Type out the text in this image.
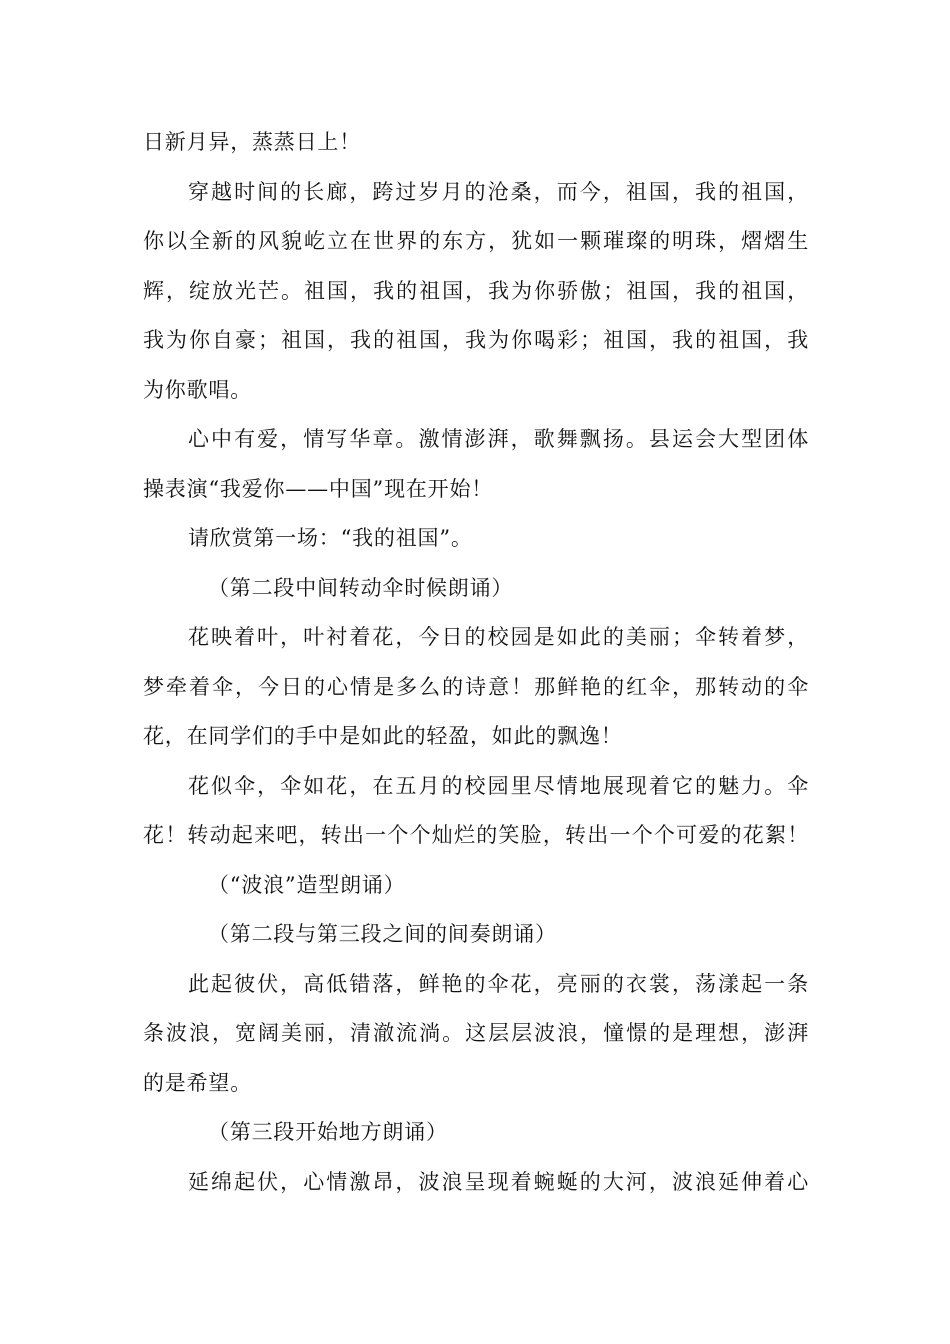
日新月异，蒸蒸日上！
穿越时间的长廊，跨过岁月的沧桑，而今，祖国，我的祖国，
你以全新的风貌屹立在世界的东方，犹如一颗璀璨的明珠，熠熠生
辉，绽放光芒。祖国，我的祖国，我为你骄傲；祖国，我的祖国，
我为你自豪；祖国，我的祖国，我为你喝彩；祖国，我的祖国，我
为你歌唱。
心中有爱，情写华章。激情澎湃，歌舞飘扬。县运会大型团体
操表演“我爱你——中国”现在开始！
请欣赏第一场：“我的祖国”。
（第二段中间转动伞时候朗诵）
花映着叶，叶衬着花，今日的校园是如此的美丽；伞转着梦，
梦牵着伞，今日的心情是多么的诗意！那鲜艳的红伞，那转动的伞
花，在同学们的手中是如此的轻盈，如此的飘逸！
花似伞，伞如花，在五月的校园里尽情地展现着它的魅力。伞
花！转动起来吧，转出一个个灿烂的笑脸，转出一个个可爱的花絮！
（“波浪”造型朗诵）
（第二段与第三段之间的间奏朗诵）
此起彼伏，高低错落，鲜艳的伞花，亮丽的衣裳，荡漾起一条
条波浪，宽阔美丽，清澈流淌。这层层波浪，憧憬的是理想，澎湃
的是希望。
（第三段开始地方朗诵）
延绵起伏，心情激昂，波浪呈现着蜿蜒的大河，波浪延伸着心
